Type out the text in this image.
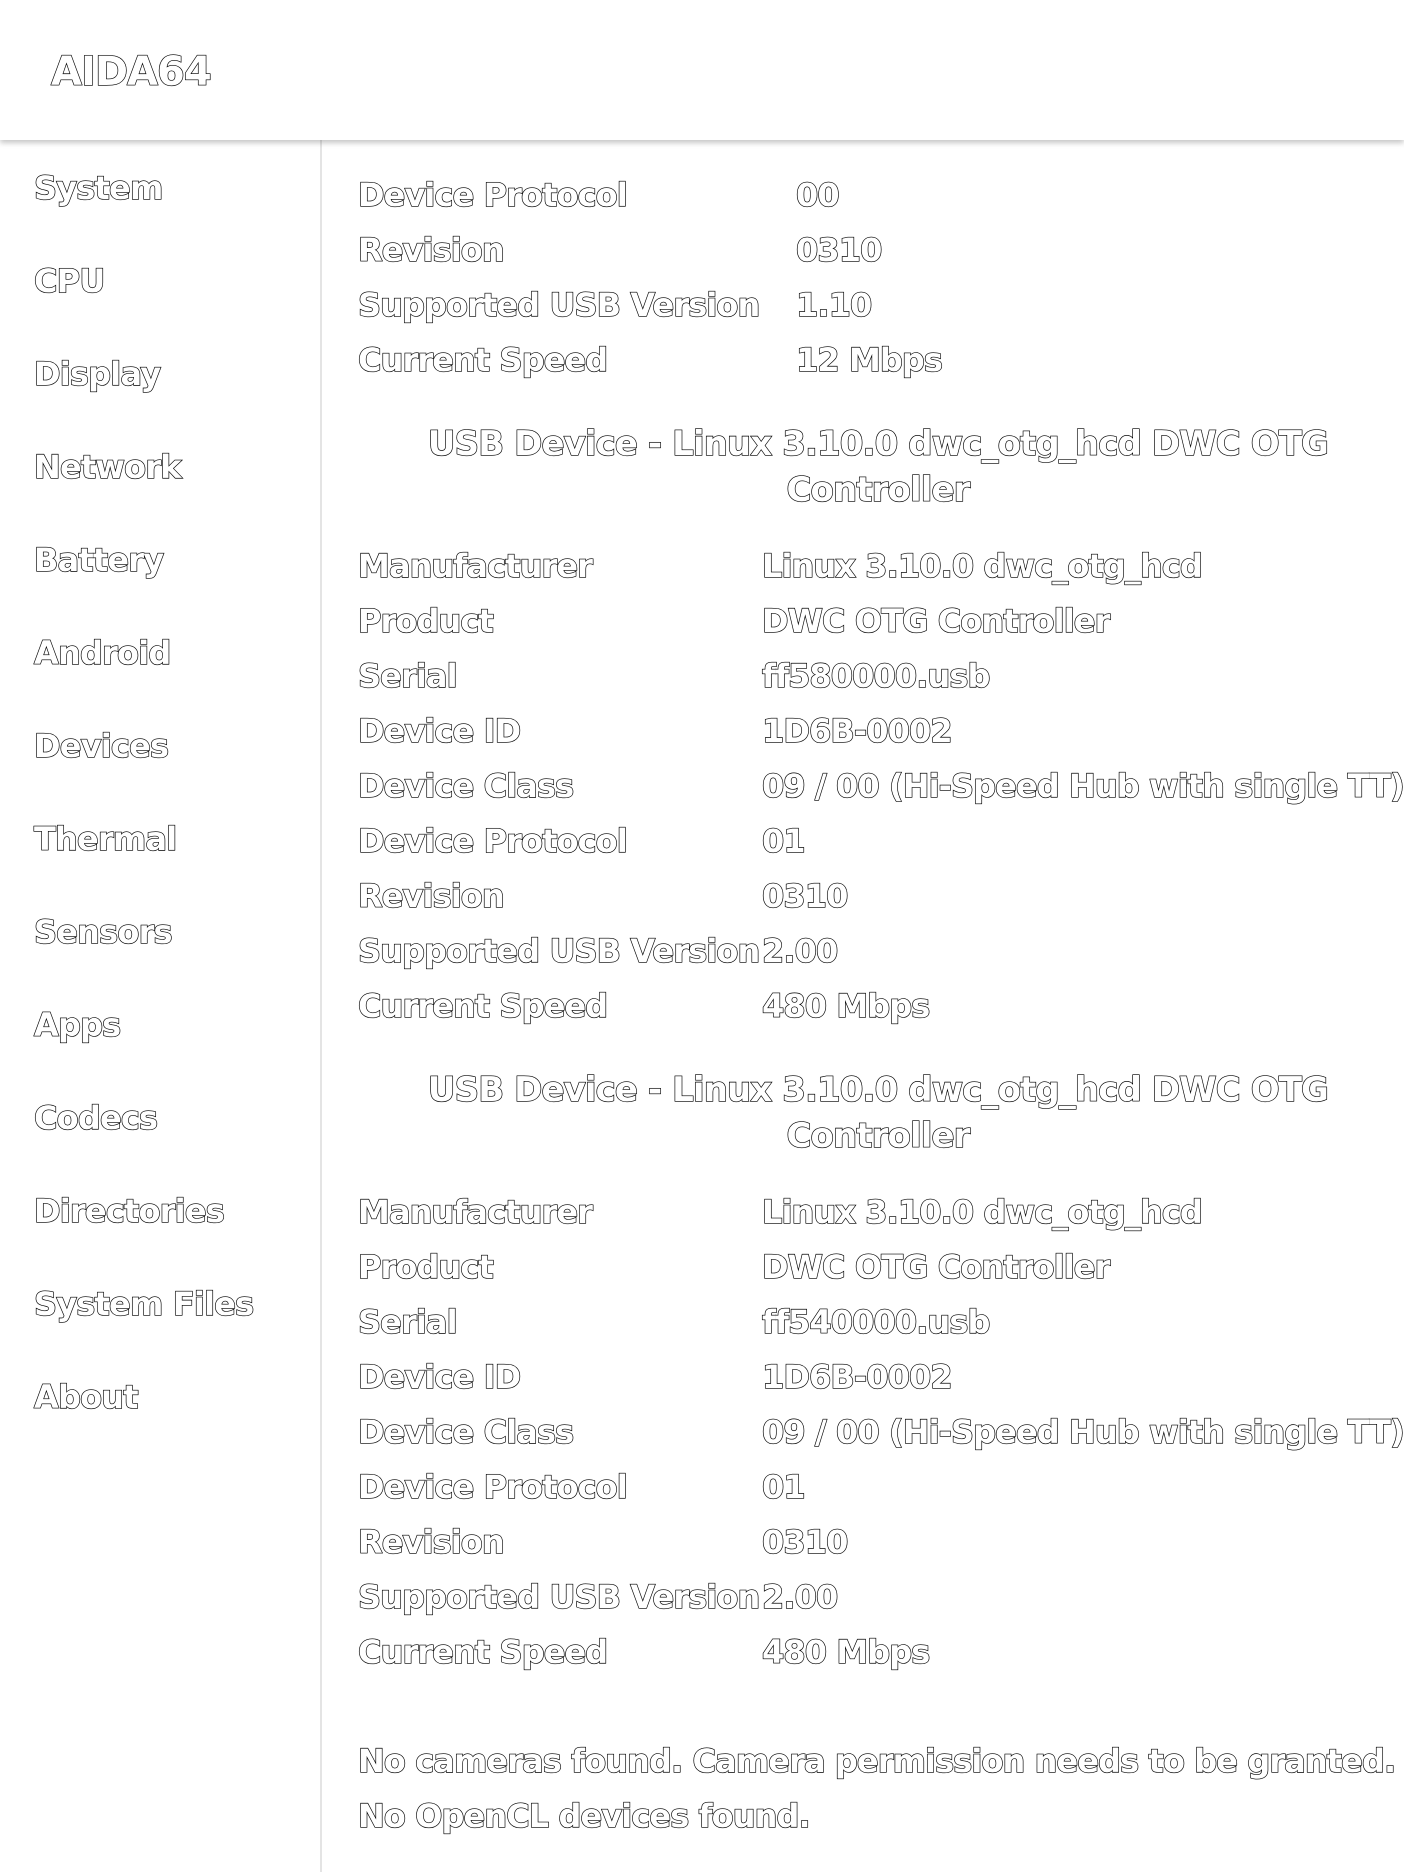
AIDA64
System
CPU
Display
Network
Battery
Android
Devices
Thermal
Sensors
Apps
Codecs
Directories
System Files
About
Device Protocol	00
Revision	0310
Supported USB Version 1.10
Current Speed	12 Mbps
USB Device - Linux 3.10.0 dwc_otg_hcd DWC OTG
Controller
Manufacturer	Linux 3.10.0 dwc_otg_hcd
Product	DWC OTG Controller
Serial	ff580000.usb
Device ID	1D6B-0002
Device Class	09 / 00 (Hi-Speed Hub with single TT)
Device Protocol	01
Revision	0310
Supported USB Version 2.00
Current Speed	480 Mbps
USB Device - Linux 3.10.0 dwc_otg_hcd DWC OTG
Controller
Manufacturer	Linux 3.10.0 dwc_otg_hcd
Product	DWC OTG Controller
Serial	ff540000.usb
Device ID	1D6B-0002
Device Class	09 / 00 (Hi-Speed Hub with single TT)
Device Protocol	01
Revision	0310
Supported USB Version 2.00
Current Speed	480 Mbps
No cameras found. Camera permission needs to be granted.
No OpenCL devices found.
